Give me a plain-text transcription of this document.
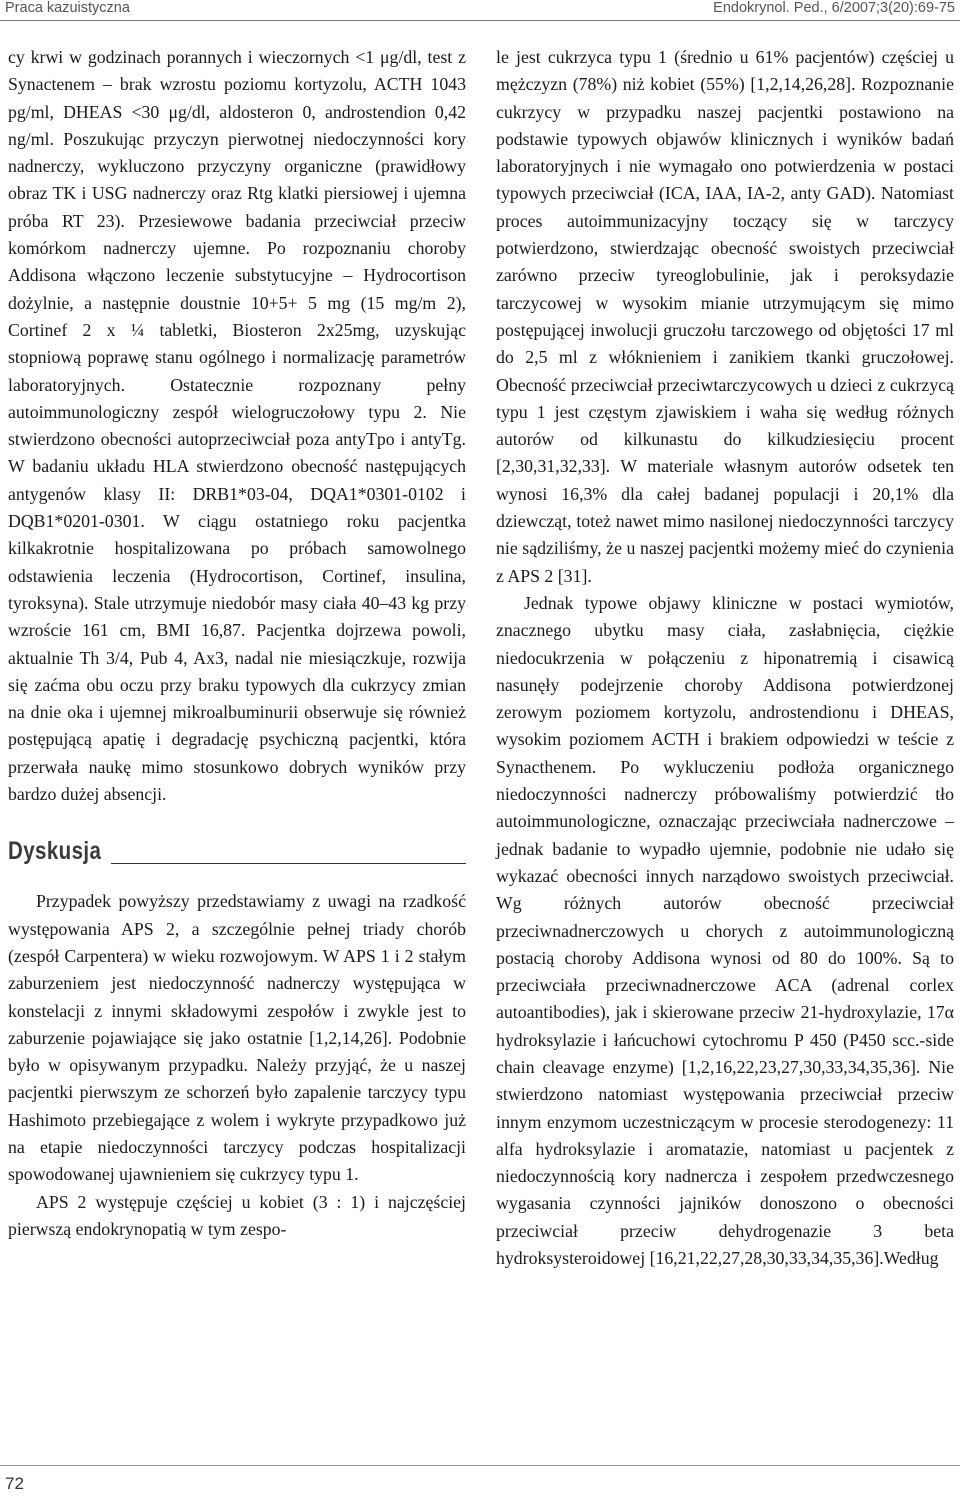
Praca kazuistyczna	Endokrynol. Ped., 6/2007;3(20):69-75

cy krwi w godzinach porannych i wieczornych <1 μg/dl, test z Synactenem – brak wzrostu poziomu kortyzolu, ACTH 1043 pg/ml, DHEAS <30 μg/dl, aldosteron 0, androstendion 0,42 ng/ml. Poszukując przyczyn pierwotnej niedoczynności kory nadnerczy, wykluczono przyczyny organiczne (prawidłowy obraz TK i USG nadnerczy oraz Rtg klatki piersiowej i ujemna próba RT 23). Przesiewowe badania przeciwciał przeciw komórkom nadnerczy ujemne. Po rozpoznaniu choroby Addisona włączono leczenie substytucyjne – Hydrocortison dożylnie, a następnie doustnie 10+5+ 5 mg (15 mg/m 2), Cortinef 2 x ¼ tabletki, Biosteron 2x25mg, uzyskując stopniową poprawę stanu ogólnego i normalizację parametrów laboratoryjnych. Ostatecznie rozpoznany pełny autoimmunologiczny zespół wielogruczołowy typu 2. Nie stwierdzono obecności autoprzeciwciał poza antyTpo i antyTg. W badaniu układu HLA stwierdzono obecność następujących antygenów klasy II: DRB1*03-04, DQA1*0301-0102 i DQB1*0201-0301. W ciągu ostatniego roku pacjentka kilkakrotnie hospitalizowana po próbach samowolnego odstawienia leczenia (Hydrocortison, Cortinef, insulina, tyroksyna). Stale utrzymuje niedobór masy ciała 40–43 kg przy wzroście 161 cm, BMI 16,87. Pacjentka dojrzewa powoli, aktualnie Th 3/4, Pub 4, Ax3, nadal nie miesiączkuje, rozwija się zaćma obu oczu przy braku typowych dla cukrzycy zmian na dnie oka i ujemnej mikroalbuminurii obserwuje się również postępującą apatię i degradację psychiczną pacjentki, która przerwała naukę mimo stosunkowo dobrych wyników przy bardzo dużej absencji.

Dyskusja

Przypadek powyższy przedstawiamy z uwagi na rzadkość występowania APS 2, a szczególnie pełnej triady chorób (zespół Carpentera) w wieku rozwojowym. W APS 1 i 2 stałym zaburzeniem jest niedoczynność nadnerczy występująca w konstelacji z innymi składowymi zespołów i zwykle jest to zaburzenie pojawiające się jako ostatnie [1,2,14,26]. Podobnie było w opisywanym przypadku. Należy przyjąć, że u naszej pacjentki pierwszym ze schorzeń było zapalenie tarczycy typu Hashimoto przebiegające z wolem i wykryte przypadkowo już na etapie niedoczynności tarczycy podczas hospitalizacji spowodowanej ujawnieniem się cukrzycy typu 1.

APS 2 występuje częściej u kobiet (3 : 1) i najczęściej pierwszą endokrynopatią w tym zespo-

le jest cukrzyca typu 1 (średnio u 61% pacjentów) częściej u mężczyzn (78%) niż kobiet (55%) [1,2,14,26,28]. Rozpoznanie cukrzycy w przypadku naszej pacjentki postawiono na podstawie typowych objawów klinicznych i wyników badań laboratoryjnych i nie wymagało ono potwierdzenia w postaci typowych przeciwciał (ICA, IAA, IA-2, anty GAD). Natomiast proces autoimmunizacyjny toczący się w tarczycy potwierdzono, stwierdzając obecność swoistych przeciwciał zarówno przeciw tyreoglobulinie, jak i peroksydazie tarczycowej w wysokim mianie utrzymującym się mimo postępującej inwolucji gruczołu tarczowego od objętości 17 ml do 2,5 ml z włóknieniem i zanikiem tkanki gruczołowej. Obecność przeciwciał przeciwtarczycowych u dzieci z cukrzycą typu 1 jest częstym zjawiskiem i waha się według różnych autorów od kilkunastu do kilkudziesięciu procent [2,30,31,32,33]. W materiale własnym autorów odsetek ten wynosi 16,3% dla całej badanej populacji i 20,1% dla dziewcząt, toteż nawet mimo nasilonej niedoczynności tarczycy nie sądziliśmy, że u naszej pacjentki możemy mieć do czynienia z APS 2 [31].

Jednak typowe objawy kliniczne w postaci wymiotów, znacznego ubytku masy ciała, zasłabnięcia, ciężkie niedocukrzenia w połączeniu z hiponatremią i cisawicą nasunęły podejrzenie choroby Addisona potwierdzonej zerowym poziomem kortyzolu, androstendionu i DHEAS, wysokim poziomem ACTH i brakiem odpowiedzi w teście z Synacthenem. Po wykluczeniu podłoża organicznego niedoczynności nadnerczy próbowaliśmy potwierdzić tło autoimmunologiczne, oznaczając przeciwciała nadnerczowe – jednak badanie to wypadło ujemnie, podobnie nie udało się wykazać obecności innych narządowo swoistych przeciwciał. Wg różnych autorów obecność przeciwciał przeciwnadnerczowych u chorych z autoimmunologiczną postacią choroby Addisona wynosi od 80 do 100%. Są to przeciwciała przeciwnadnerczowe ACA (adrenal corlex autoantibodies), jak i skierowane przeciw 21-hydroxylazie, 17α hydroksylazie i łańcuchowi cytochromu P 450 (P450 scc.-side chain cleavage enzyme) [1,2,16,22,23,27,30,33,34,35,36]. Nie stwierdzono natomiast występowania przeciwciał przeciw innym enzymom uczestniczącym w procesie sterodogenezy: 11 alfa hydroksylazie i aromatazie, natomiast u pacjentek z niedoczynnością kory nadnercza i zespołem przedwczesnego wygasania czynności jajników donoszono o obecności przeciwciał przeciw dehydrogenazie 3 beta hydroksysteroidowej [16,21,22,27,28,30,33,34,35,36].Według

72
